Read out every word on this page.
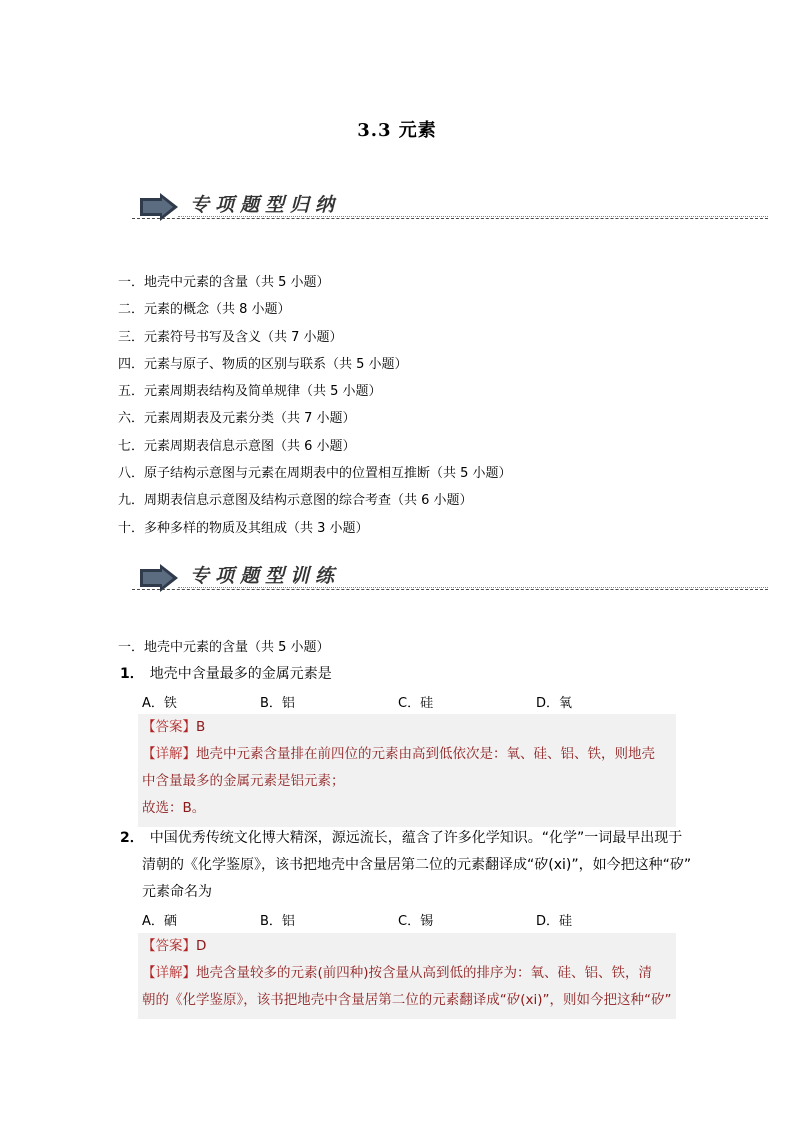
3.3 元素
专项题型归纳
一．地壳中元素的含量（共 5 小题）
二．元素的概念（共 8 小题）
三．元素符号书写及含义（共 7 小题）
四．元素与原子、物质的区别与联系（共 5 小题）
五．元素周期表结构及简单规律（共 5 小题）
六．元素周期表及元素分类（共 7 小题）
七．元素周期表信息示意图（共 6 小题）
八．原子结构示意图与元素在周期表中的位置相互推断（共 5 小题）
九．周期表信息示意图及结构示意图的综合考查（共 6 小题）
十．多种多样的物质及其组成（共 3 小题）
专项题型训练
一．地壳中元素的含量（共 5 小题）
1． 地壳中含量最多的金属元素是
A．铁	B．铝	C．硅	D．氧
【答案】B
【详解】地壳中元素含量排在前四位的元素由高到低依次是：氧、硅、铝、铁，则地壳
中含量最多的金属元素是铝元素；
故选：B。
2． 中国优秀传统文化博大精深，源远流长，蕴含了许多化学知识。“化学”一词最早出现于
清朝的《化学鉴原》，该书把地壳中含量居第二位的元素翻译成“矽(xi)”，如今把这种“矽”
元素命名为
A．硒	B．铝	C．锡	D．硅
【答案】D
【详解】地壳含量较多的元素(前四种)按含量从高到低的排序为：氧、硅、铝、铁，清
朝的《化学鉴原》，该书把地壳中含量居第二位的元素翻译成“矽(xi)”，则如今把这种“矽”
